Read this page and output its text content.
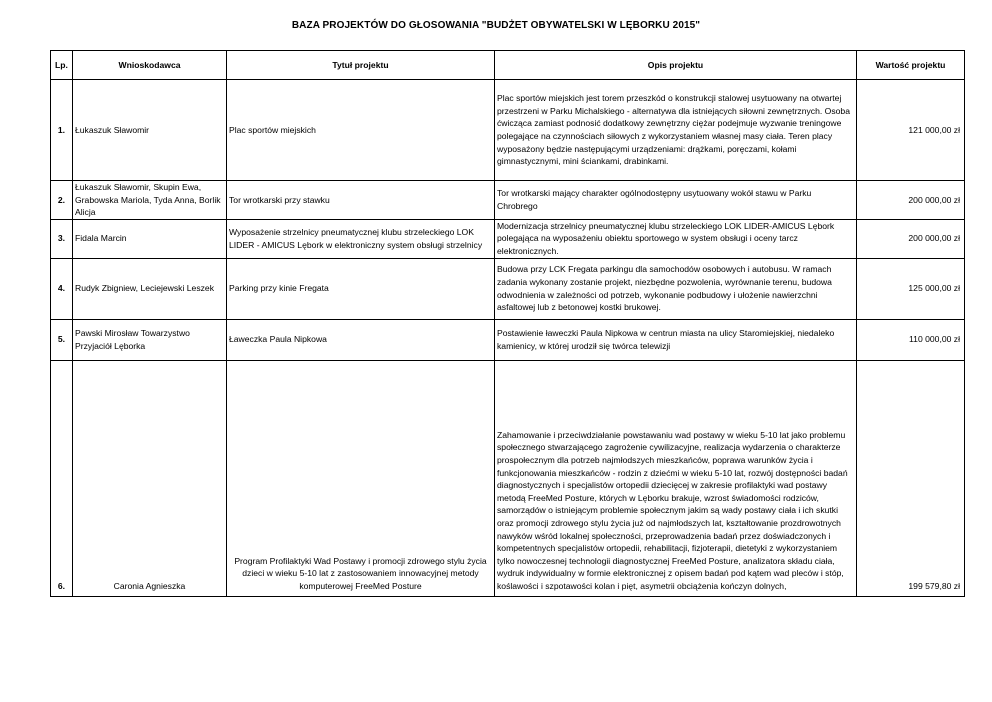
BAZA PROJEKTÓW DO GŁOSOWANIA "BUDŻET OBYWATELSKI W LĘBORKU 2015"
Lp.	Wnioskodawca	Tytuł projektu	Opis projektu	Wartość projektu
1.	Łukaszuk Sławomir	Plac sportów miejskich	Plac sportów miejskich jest torem przeszkód o konstrukcji stalowej usytuowany na otwartej przestrzeni w Parku Michalskiego - alternatywa dla istniejących siłowni zewnętrznych. Osoba ćwicząca zamiast podnosić dodatkowy zewnętrzny ciężar podejmuje wyzwanie treningowe polegające na czynnościach siłowych z wykorzystaniem własnej masy ciała. Teren placy wyposażony będzie następującymi urządzeniami: drążkami, poręczami, kołami gimnastycznymi, mini ściankami, drabinkami.	121 000,00 zł
2.	Łukaszuk Sławomir, Skupin Ewa, Grabowska Mariola, Tyda Anna, Borlik Alicja	Tor wrotkarski przy stawku	Tor wrotkarski mający charakter ogólnodostępny usytuowany wokół stawu w Parku Chrobrego	200 000,00 zł
3.	Fidala Marcin	Wyposażenie strzelnicy pneumatycznej klubu strzeleckiego LOK LIDER - AMICUS Lębork w elektroniczny system obsługi strzelnicy	Modernizacja strzelnicy pneumatycznej klubu strzeleckiego LOK LIDER-AMICUS Lębork polegająca na wyposażeniu obiektu sportowego w system obsługi i oceny tarcz elektronicznych.	200 000,00 zł
4.	Rudyk Zbigniew, Leciejewski Leszek	Parking przy kinie Fregata	Budowa przy LCK Fregata parkingu dla samochodów osobowych i autobusu. W ramach zadania wykonany zostanie projekt, niezbędne pozwolenia, wyrównanie terenu, budowa odwodnienia w zależności od potrzeb, wykonanie podbudowy i ułożenie nawierzchni asfaltowej lub z betonowej kostki brukowej.	125 000,00 zł
5.	Pawski Mirosław Towarzystwo Przyjaciół Lęborka	Ławeczka Paula Nipkowa	Postawienie ławeczki Paula Nipkowa w centrun miasta na ulicy Staromiejskiej, niedaleko kamienicy, w której urodził się twórca telewizji	110 000,00 zł
6.	Caronia Agnieszka	Program Profilaktyki Wad Postawy i promocji zdrowego stylu życia dzieci w wieku 5-10 lat z zastosowaniem innowacyjnej metody komputerowej FreeMed Posture	Zahamowanie i przeciwdziałanie powstawaniu wad postawy w wieku 5-10 lat jako problemu społecznego stwarzającego zagrożenie cywilizacyjne, realizacja wydarzenia o charakterze prospołecznym dla potrzeb najmłodszych mieszkańców, poprawa warunków życia i funkcjonowania mieszkańców - rodzin z dziećmi w wieku 5-10 lat, rozwój dostępności badań diagnostycznych i specjalistów ortopedii dziecięcej w zakresie profilaktyki wad postawy metodą FreeMed Posture, których w Lęborku brakuje, wzrost świadomości rodziców, samorządów o istniejącym problemie społecznym jakim są wady postawy ciała i ich skutki oraz promocji zdrowego stylu życia już od najmłodszych lat, kształtowanie prozdrowotnych nawyków wśród lokalnej społeczności, przeprowadzenia badań przez doświadczonych i kompetentnych specjalistów ortopedii, rehabilitacji, fizjoterapii, dietetyki z wykorzystaniem tylko nowoczesnej technologii diagnostycznej FreeMed Posture, analizatora składu ciała, wydruk indywidualny w formie elektronicznej z opisem badań pod kątem wad pleców i stóp, koślawości i szpotawości kolan i pięt, asymetrii obciążenia kończyn dolnych,	199 579,80 zł
